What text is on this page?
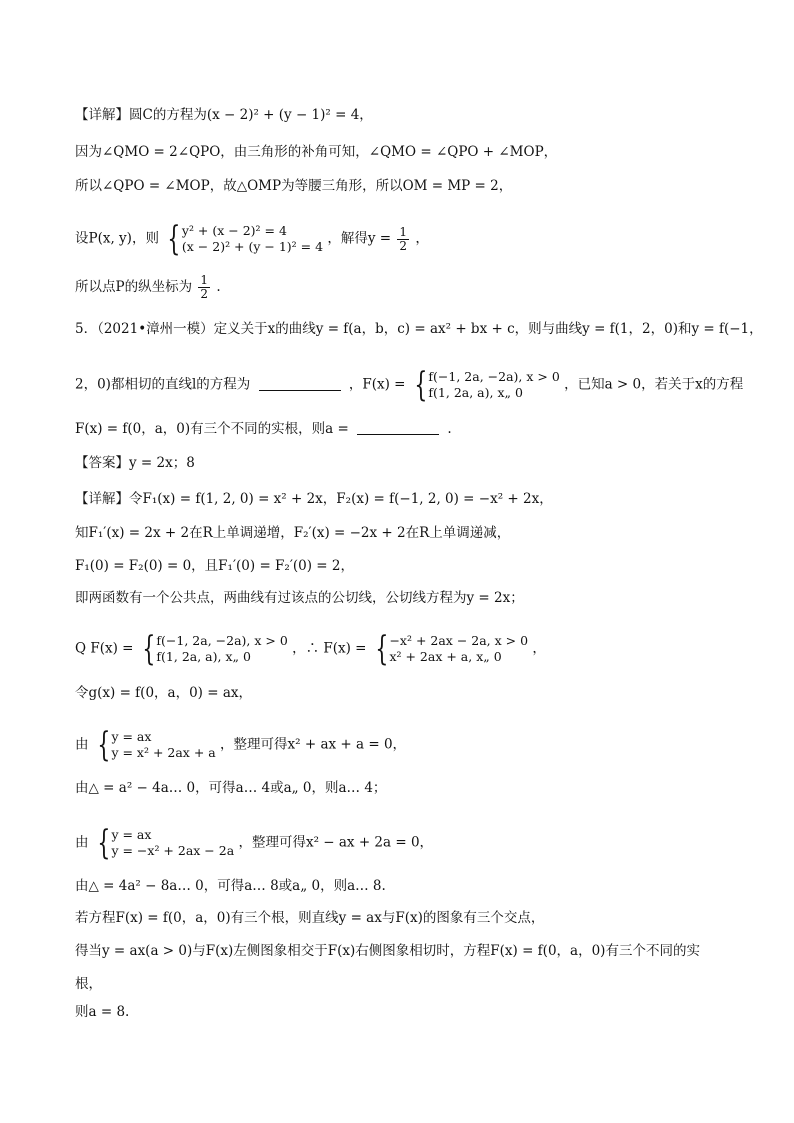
【详解】圆C的方程为(x − 2)² + (y − 1)² = 4，
因为∠QMO = 2∠QPO，由三角形的补角可知，∠QMO = ∠QPO + ∠MOP，
所以∠QPO = ∠MOP，故△OMP为等腰三角形，所以OM = MP = 2，
设P(x, y)，则 { y² + (x − 2)² = 4
(x − 2)² + (y − 1)² = 4 ，解得$y = \frac{1}{2}$ ，
所以点P的纵坐标为 $\frac{1}{2}$ .
5．（2021•漳州一模）定义关于x的曲线y = f(a，b，c) = ax² + bx + c，则与曲线y = f(1，2，0)和y = f(−1，
2，0)都相切的直线l的方程为	，F(x) = { f(−1, 2a, −2a), x > 0
f(1, 2a, a), x„ 0	，已知a > 0，若关于x的方程
F(x) = f(0，a，0)有三个不同的实根，则a =	.
【答案】y = 2x；8
【详解】令F₁(x) = f(1, 2, 0) = x² + 2x，F₂(x) = f(−1, 2, 0) = −x² + 2x，
知F₁′(x) = 2x + 2在R上单调递增，F₂′(x) = −2x + 2在R上单调递减，
F₁(0) = F₂(0) = 0，且F₁′(0) = F₂′(0) = 2，
即两函数有一个公共点，两曲线有过该点的公切线，公切线方程为y = 2x；
Q F(x) = { f(−1, 2a, −2a), x > 0
f(1, 2a, a), x„ 0	，∴ F(x) = { −x² + 2ax − 2a, x > 0
x² + 2ax + a, x„ 0	，
令g(x) = f(0，a，0) = ax，
由 { y = ax
y = x² + 2ax + a ，整理可得x² + ax + a = 0，
由△ = a² − 4a… 0，可得a… 4或a„ 0，则a… 4；
由 { y = ax
y = −x² + 2ax − 2a ，整理可得x² − ax + 2a = 0，
由△ = 4a² − 8a… 0，可得a… 8或a„ 0，则a… 8.
若方程F(x) = f(0，a，0)有三个根，则直线y = ax与F(x)的图象有三个交点，
得当y = ax(a > 0)与F(x)左侧图象相交于F(x)右侧图象相切时，方程F(x) = f(0，a，0)有三个不同的实
根，
则a = 8.
